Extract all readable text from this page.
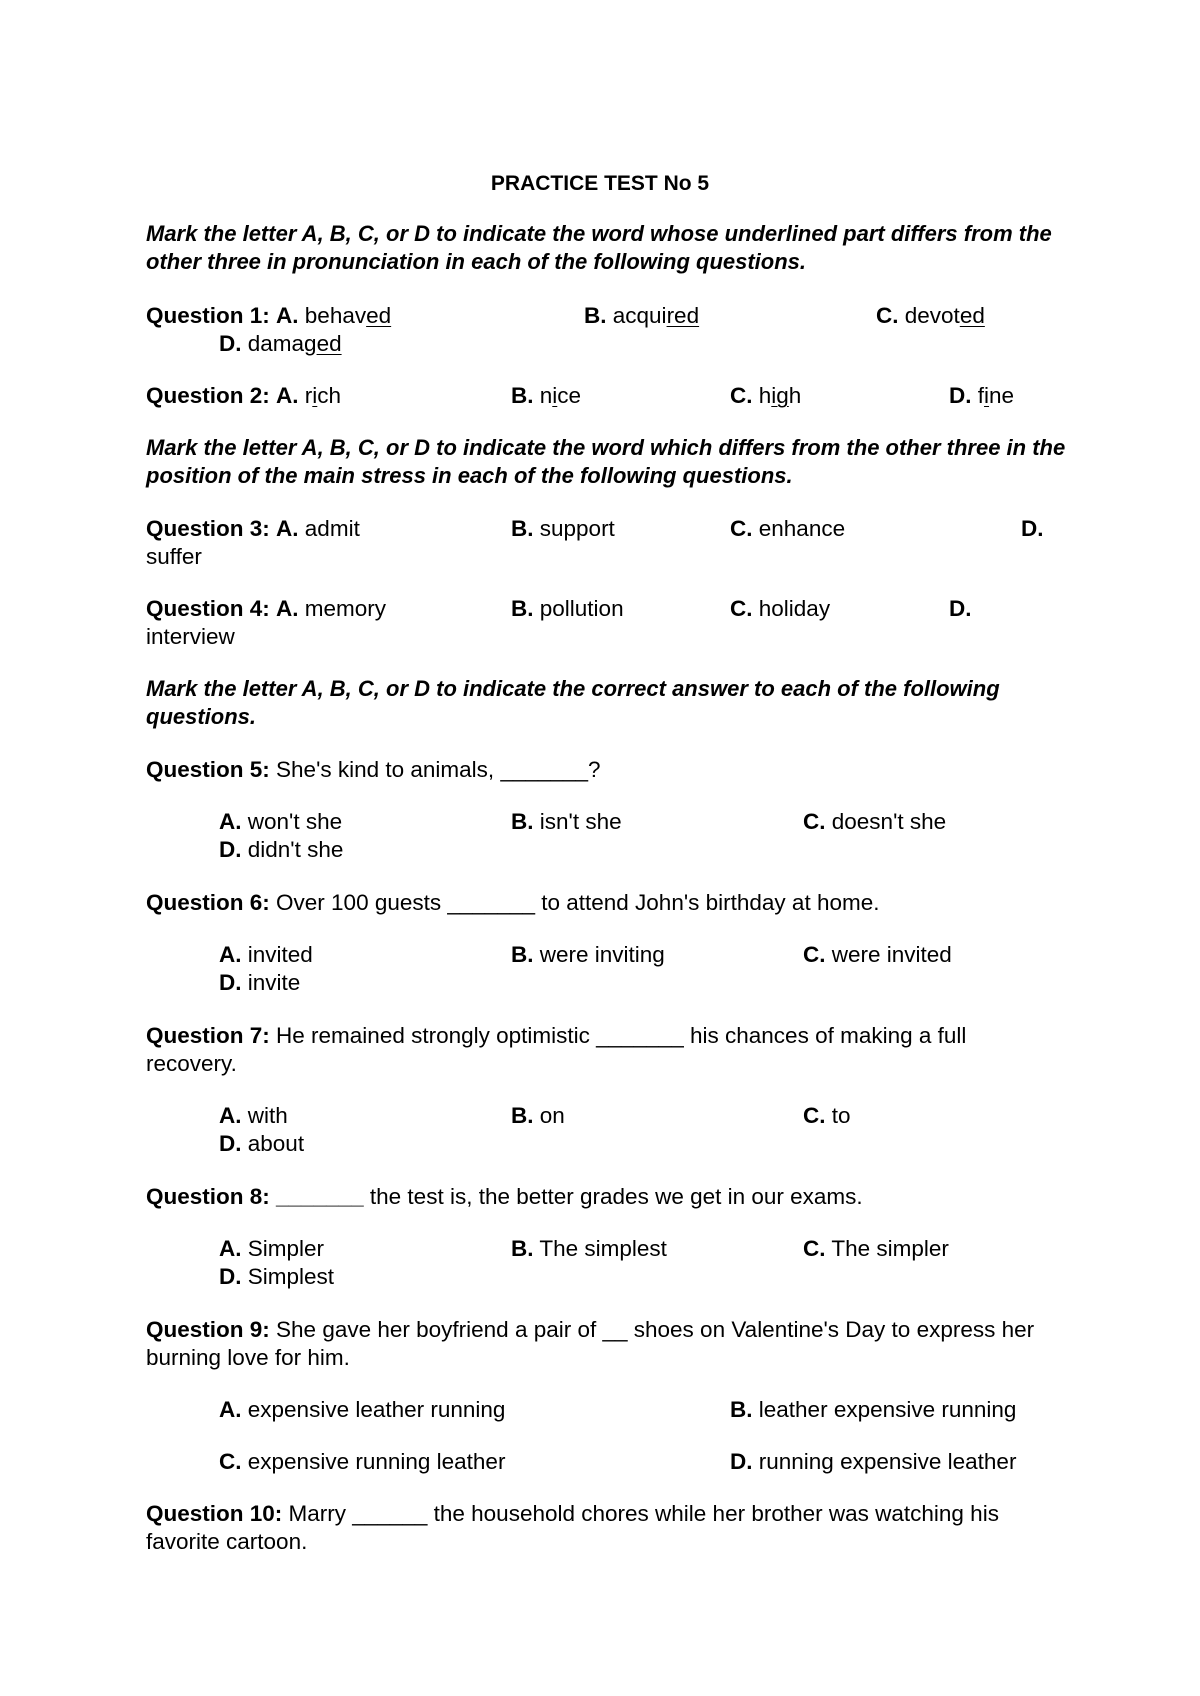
PRACTICE TEST No 5
Mark the letter A, B, C, or D to indicate the word whose underlined part differs from the other three in pronunciation in each of the following questions.
Question 1: A. behaved	B. acquired	C. devoted
D. damaged
Question 2: A. rich	B. nice	C. high	D. fine
Mark the letter A, B, C, or D to indicate the word which differs from the other three in the position of the main stress in each of the following questions.
Question 3: A. admit	B. support	C. enhance	D.
suffer
Question 4: A. memory	B. pollution	C. holiday	D.
interview
Mark the letter A, B, C, or D to indicate the correct answer to each of the following questions.
Question 5: She's kind to animals, _______?
A. won't she	B. isn't she	C. doesn't she
D. didn't she
Question 6: Over 100 guests _______ to attend John's birthday at home.
A. invited	B. were inviting	C. were invited
D. invite
Question 7: He remained strongly optimistic _______ his chances of making a full recovery.
A. with	B. on	C. to
D. about
Question 8: _______ the test is, the better grades we get in our exams.
A. Simpler	B. The simplest	C. The simpler
D. Simplest
Question 9: She gave her boyfriend a pair of __ shoes on Valentine's Day to express her burning love for him.
A. expensive leather running	B. leather expensive running
C. expensive running leather	D. running expensive leather
Question 10: Marry ______ the household chores while her brother was watching his favorite cartoon.
